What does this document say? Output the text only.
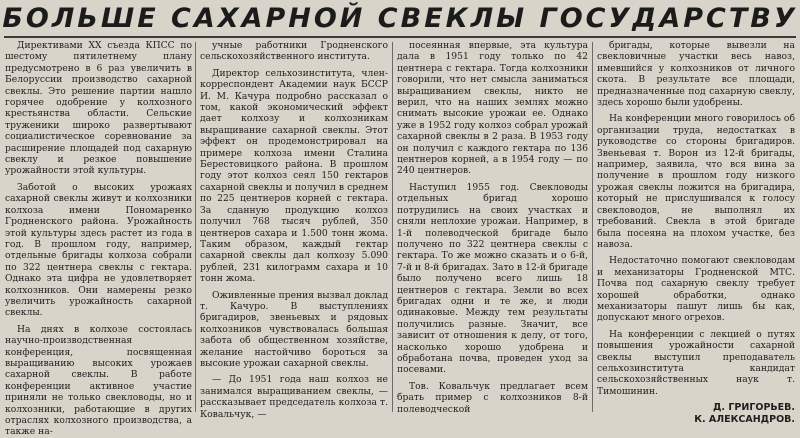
БОЛЬШЕ САХАРНОЙ СВЕКЛЫ ГОСУДАРСТВУ

Директивами XX съезда КПСС по шестому пятилетнему плану предусмотрено в 6 раз увеличить в Белоруссии производство сахарной свеклы. Это решение партии нашло горячее одобрение у колхозного крестьянства области. Сельские труженики широко развертывают социалистическое соревнование за расширение площадей под сахарную свеклу и резкое повышение урожайности этой культуры.

Заботой о высоких урожаях сахарной свеклы живут и колхозники колхоза имени Пономаренко Гродненского района. Урожайность этой культуры здесь растет из года в год. В прошлом году, например, отдельные бригады колхоза собрали по 322 центнера свеклы с гектара. Однако эта цифра не удовлетворяет колхозников. Они намерены резко увеличить урожайность сахарной свеклы.

На днях в колхозе состоялась научно-производственная конференция, посвященная выращиванию высоких урожаев сахарной свеклы. В работе конференции активное участие приняли не только свекловоды, но и колхозники, работающие в других отраслях колхозного производства, а также на-

учные работники Гродненского сельскохозяйственного института.

Директор сельхозинститута, член-корреспондент Академии наук БССР И. М. Качура подробно рассказал о том, какой экономический эффект дает колхозу и колхозникам выращивание сахарной свеклы. Этот эффект он продемонстрировал на примере колхоза имени Сталина Берестовицкого района. В прошлом году этот колхоз сеял 150 гектаров сахарной свеклы и получил в среднем по 225 центнеров корней с гектара. За сданную продукцию колхоз получил 768 тысяч рублей, 350 центнеров сахара и 1.500 тонн жома. Таким образом, каждый гектар сахарной свеклы дал колхозу 5.090 рублей, 231 килограмм сахара и 10 тонн жома.

Оживленные прения вызвал доклад т. Качуро. В выступлениях бригадиров, звеньевых и рядовых колхозников чувствовалась большая забота об общественном хозяйстве, желание настойчиво бороться за высокие урожаи сахарной свеклы.

— До 1951 года наш колхоз не занимался выращиванием свеклы, — рассказывает председатель колхоза т. Ковальчук, —

посеянная впервые, эта культура дала в 1951 году только по 42 центнера с гектара. Тогда колхозники говорили, что нет смысла заниматься выращиванием свеклы, никто не верил, что на наших землях можно снимать высокие урожаи ее. Однако уже в 1952 году колхоз собрал урожай сахарной свеклы в 2 раза. В 1953 году он получил с каждого гектара по 136 центнеров корней, а в 1954 году — по 240 центнеров.

Наступил 1955 год. Свекловоды отдельных бригад хорошо потрудились на своих участках и сняли неплохие урожаи. Например, в 1-й полеводческой бригаде было получено по 322 центнера свеклы с гектара. То же можно сказать и о 6-й, 7-й и 8-й бригадах. Зато в 12-й бригаде было получено всего лишь 18 центнеров с гектара. Земли во всех бригадах одни и те же, и люди одинаковые. Между тем результаты получились разные. Значит, все зависит от отношения к делу, от того, насколько хорошо удобрена и обработана почва, проведен уход за посевами.

Тов. Ковальчук предлагает всем брать пример с колхозников 8-й полеводческой

бригады, которые вывезли на свекловичные участки весь навоз, имевшийся у колхозников от личного скота. В результате все площади, предназначенные под сахарную свеклу, здесь хорошо были удобрены.

На конференции много говорилось об организации труда, недостатках в руководстве со стороны бригадиров. Звеньевая т. Ворон из 12-й бригады, например, заявила, что вся вина за получение в прошлом году низкого урожая свеклы ложится на бригадира, который не прислушивался к голосу свекловодов, не выполнял их требований. Свекла в этой бригаде была посеяна на плохом участке, без навоза.

Недостаточно помогают свекловодам и механизаторы Гродненской МТС. Почва под сахарную свеклу требует хорошей обработки, однако механизаторы пашут лишь бы как, допускают много огрехов.

На конференции с лекцией о путях повышения урожайности сахарной свеклы выступил преподаватель сельхозинститута кандидат сельскохозяйственных наук т. Тимошинин.

Д. ГРИГОРЬЕВ.
К. АЛЕКСАНДРОВ.
